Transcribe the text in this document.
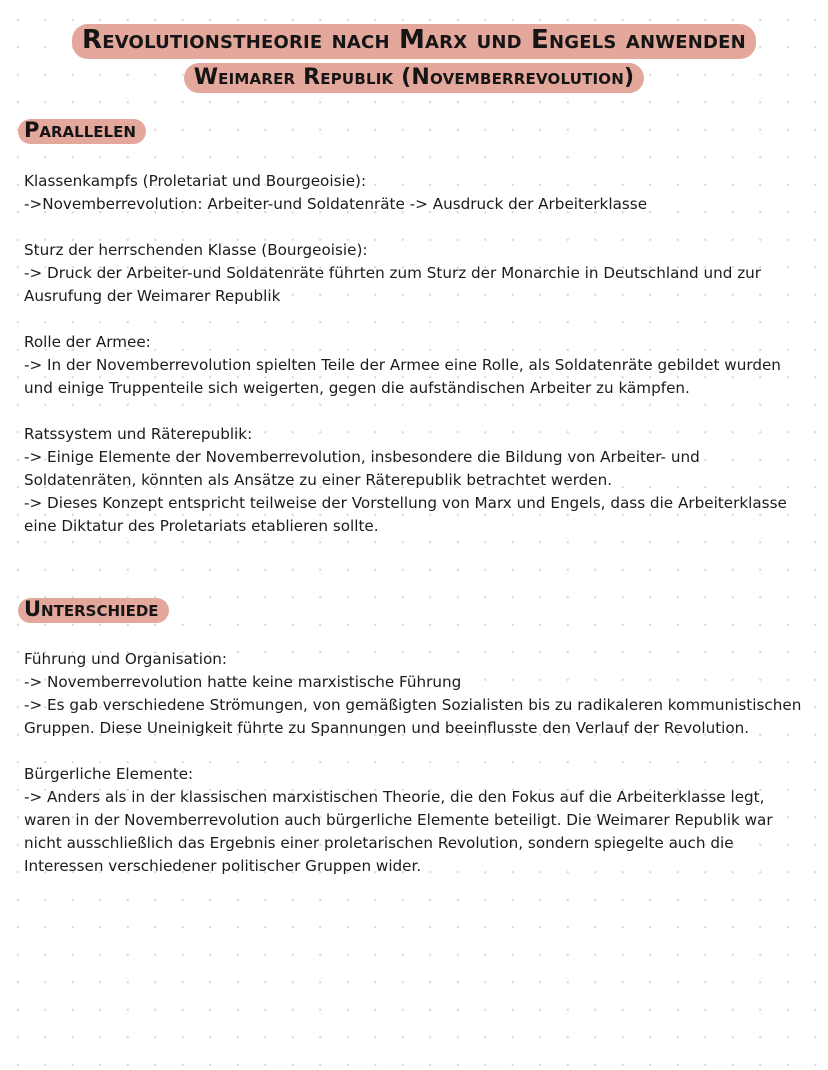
Revolutionstheorie nach Marx und Engels anwenden
Weimarer Republik (Novemberrevolution)
Parallelen

Klassenkampfs (Proletariat und Bourgeoisie):

->Novemberrevolution: Arbeiter-und Soldatenräte -> Ausdruck der Arbeiterklasse

Sturz der herrschenden Klasse (Bourgeoisie):

-> Druck der Arbeiter-und Soldatenräte führten zum Sturz der Monarchie in Deutschland und zur Ausrufung der Weimarer Republik

Rolle der Armee:

-> In der Novemberrevolution spielten Teile der Armee eine Rolle, als Soldatenräte gebildet wurden und einige Truppenteile sich weigerten, gegen die aufständischen Arbeiter zu kämpfen.

Ratssystem und Räterepublik:

-> Einige Elemente der Novemberrevolution, insbesondere die Bildung von Arbeiter- und Soldatenräten, könnten als Ansätze zu einer Räterepublik betrachtet werden.

-> Dieses Konzept entspricht teilweise der Vorstellung von Marx und Engels, dass die Arbeiterklasse eine Diktatur des Proletariats etablieren sollte.

Unterschiede

Führung und Organisation:

-> Novemberrevolution hatte keine marxistische Führung

-> Es gab verschiedene Strömungen, von gemäßigten Sozialisten bis zu radikaleren kommunistischen Gruppen. Diese Uneinigkeit führte zu Spannungen und beeinflusste den Verlauf der Revolution.

Bürgerliche Elemente:

-> Anders als in der klassischen marxistischen Theorie, die den Fokus auf die Arbeiterklasse legt, waren in der Novemberrevolution auch bürgerliche Elemente beteiligt. Die Weimarer Republik war nicht ausschließlich das Ergebnis einer proletarischen Revolution, sondern spiegelte auch die Interessen verschiedener politischer Gruppen wider.
